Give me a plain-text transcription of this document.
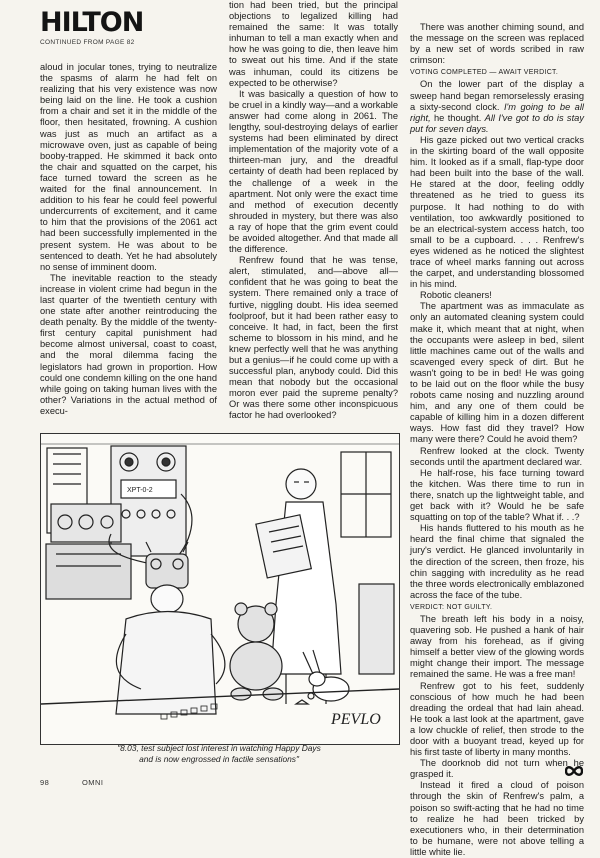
HILTON
CONTINUED FROM PAGE 82

aloud in jocular tones, trying to neutralize the spasms of alarm he had felt on realizing that his very existence was now being laid on the line. He took a cushion from a chair and set it in the middle of the floor, then hesitated, frowning. A cushion was just as much an artifact as a microwave oven, just as capable of being booby-trapped. He skimmed it back onto the chair and squatted on the carpet, his face turned toward the screen as he waited for the final announcement. In addition to his fear he could feel powerful undercurrents of excitement, and it came to him that the provisions of the 2061 act had been successfully implemented in the present system. He was about to be sentenced to death. Yet he had absolutely no sense of imminent doom.

The inevitable reaction to the steady increase in violent crime had begun in the last quarter of the twentieth century with one state after another reintroducing the death penalty. By the middle of the twenty-first century capital punishment had become almost universal, coast to coast, and the moral dilemma facing the legislators had grown in proportion. How could one condemn killing on the one hand while going on taking human lives with the other? Variations in the actual method of execu-

tion had been tried, but the principal objections to legalized killing had remained the same: It was totally inhuman to tell a man exactly when and how he was going to die, then leave him to sweat out his time. And if the state was inhuman, could its citizens be expected to be otherwise?

It was basically a question of how to be cruel in a kindly way—and a workable answer had come along in 2061. The lengthy, soul-destroying delays of earlier systems had been eliminated by direct implementation of the majority vote of a thirteen-man jury, and the dreadful certainty of death had been replaced by the challenge of a week in the apartment. Not only were the exact time and method of execution decently shrouded in mystery, but there was also a ray of hope that the grim event could be avoided altogether. And that made all the difference.

Renfrew found that he was tense, alert, stimulated, and—above all—confident that he was going to beat the system. There remained only a trace of furtive, niggling doubt. His idea seemed foolproof, but it had been rather easy to conceive. It had, in fact, been the first scheme to blossom in his mind, and he knew perfectly well that he was anything but a genius—if he could come up with a successful plan, anybody could. Did this mean that nobody but the occasional moron ever paid the supreme penalty? Or was there some other inconspicuous factor he had overlooked?

There was another chiming sound, and the message on the screen was replaced by a new set of words scribed in raw crimson:

VOTING COMPLETED — AWAIT VERDICT.

On the lower part of the display a sweep hand began remorselessly erasing a sixty-second clock. I'm going to be all right, he thought. All I've got to do is stay put for seven days.

His gaze picked out two vertical cracks in the skirting board of the wall opposite him. It looked as if a small, flap-type door had been built into the base of the wall. He stared at the door, feeling oddly threatened as he tried to guess its purpose. It had nothing to do with ventilation, too awkwardly positioned to be an electrical-system access hatch, too small to be a cupboard. . . . Renfrew's eyes widened as he noticed the slightest trace of wheel marks fanning out across the carpet, and understanding blossomed in his mind.

Robotic cleaners!

The apartment was as immaculate as only an automated cleaning system could make it, which meant that at night, when the occupants were asleep in bed, silent little machines came out of the walls and scavenged every speck of dirt. But he wasn't going to be in bed! He was going to be laid out on the floor while the busy robots came nosing and nuzzling around him, and any one of them could be capable of killing him in a dozen different ways. How fast did they travel? How many were there? Could he avoid them?

Renfrew looked at the clock. Twenty seconds until the apartment declared war.

He half-rose, his face turning toward the kitchen. Was there time to run in there, snatch up the lightweight table, and get back with it? Would he be safe squatting on top of the table? What if. . .?

His hands fluttered to his mouth as he heard the final chime that signaled the jury's verdict. He glanced involuntarily in the direction of the screen, then froze, his chin sagging with incredulity as he read the three words electronically emblazoned across the face of the tube.

VERDICT: NOT GUILTY.

The breath left his body in a noisy, quavering sob. He pushed a hank of hair away from his forehead, as if giving himself a better view of the glowing words might change their import. The message remained the same. He was a free man!

Renfrew got to his feet, suddenly conscious of how much he had been dreading the ordeal that had lain ahead. He took a last look at the apartment, gave a low chuckle of relief, then strode to the door with a buoyant tread, keyed up for his first taste of liberty in many months.

The doorknob did not turn when he grasped it.

Instead it fired a cloud of poison through the skin of Renfrew's palm, a poison so swift-acting that he had no time to realize he had been tricked by executioners who, in their determination to be humane, were not above telling a little white lie.

XPT-0-2
PEVLO
"8.03, test subject lost interest in watching Happy Days
and is now engrossed in factile sensations"
98	OMNI
